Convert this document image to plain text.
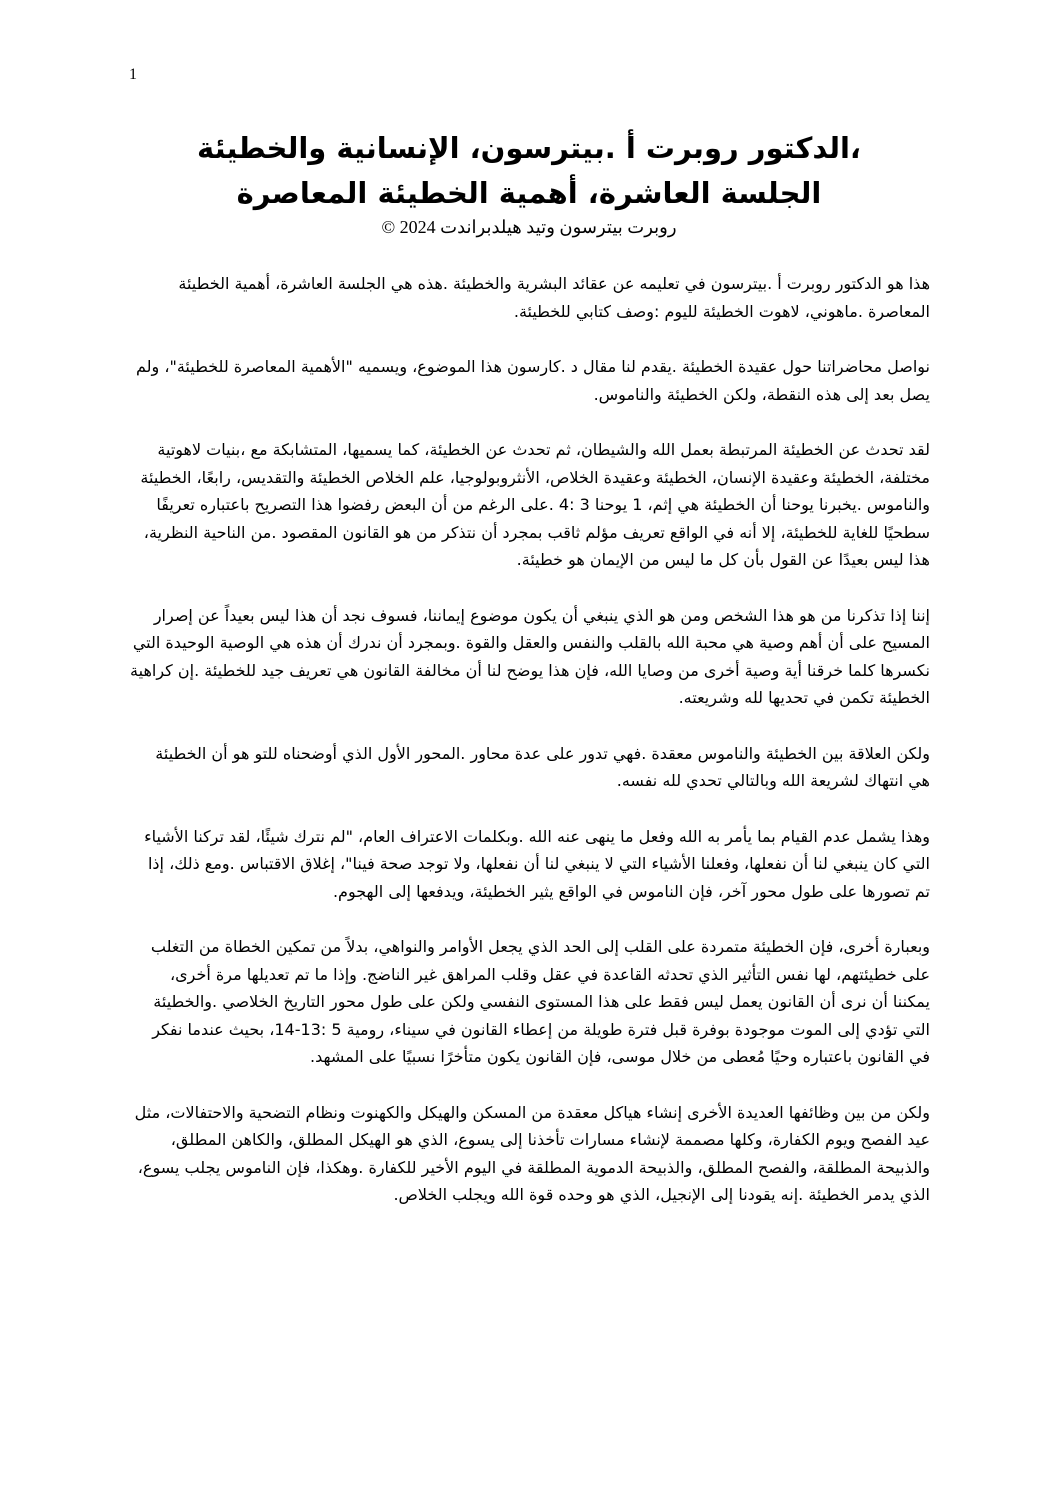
1
،الدكتور روبرت أ .بيترسون، الإنسانية والخطيئة
الجلسة العاشرة، أهمية الخطيئة المعاصرة
روبرت بيترسون وتيد هيلدبراندت 2024 ©

هذا هو الدكتور روبرت أ .بيترسون في تعليمه عن عقائد البشرية والخطيئة .هذه هي الجلسة العاشرة، أهمية الخطيئة المعاصرة .ماهوني، لاهوت الخطيئة لليوم :وصف كتابي للخطيئة.

نواصل محاضراتنا حول عقيدة الخطيئة .يقدم لنا مقال د .كارسون هذا الموضوع، ويسميه "الأهمية المعاصرة للخطيئة"، ولم يصل بعد إلى هذه النقطة، ولكن الخطيئة والناموس.

لقد تحدث عن الخطيئة المرتبطة بعمل الله والشيطان، ثم تحدث عن الخطيئة، كما يسميها، المتشابكة مع ،بنيات لاهوتية مختلفة، الخطيئة وعقيدة الإنسان، الخطيئة وعقيدة الخلاص، الأنثروبولوجيا، علم الخلاص الخطيئة والتقديس، رابعًا، الخطيئة والناموس .يخبرنا يوحنا أن الخطيئة هي إثم، 1 يوحنا 3 :4 .على الرغم من أن البعض رفضوا هذا التصريح باعتباره تعريفًا سطحيًا للغاية للخطيئة، إلا أنه في الواقع تعريف مؤلم ثاقب بمجرد أن نتذكر من هو القانون المقصود .من الناحية النظرية، هذا ليس بعيدًا عن القول بأن كل ما ليس من الإيمان هو خطيئة.

إننا إذا تذكرنا من هو هذا الشخص ومن هو الذي ينبغي أن يكون موضوع إيماننا، فسوف نجد أن هذا ليس بعيداً عن إصرار المسيح على أن أهم وصية هي محبة الله بالقلب والنفس والعقل والقوة .وبمجرد أن ندرك أن هذه هي الوصية الوحيدة التي نكسرها كلما خرقنا أية وصية أخرى من وصايا الله، فإن هذا يوضح لنا أن مخالفة القانون هي تعريف جيد للخطيئة .إن كراهية الخطيئة تكمن في تحديها لله وشريعته.

ولكن العلاقة بين الخطيئة والناموس معقدة .فهي تدور على عدة محاور .المحور الأول الذي أوضحناه للتو هو أن الخطيئة هي انتهاك لشريعة الله وبالتالي تحدي لله نفسه.

وهذا يشمل عدم القيام بما يأمر به الله وفعل ما ينهى عنه الله .وبكلمات الاعتراف العام، "لم نترك شيئًا، لقد تركنا الأشياء التي كان ينبغي لنا أن نفعلها، وفعلنا الأشياء التي لا ينبغي لنا أن نفعلها، ولا توجد صحة فينا"، إغلاق الاقتباس .ومع ذلك، إذا تم تصورها على طول محور آخر، فإن الناموس في الواقع يثير الخطيئة، ويدفعها إلى الهجوم.

وبعبارة أخرى، فإن الخطيئة متمردة على القلب إلى الحد الذي يجعل الأوامر والنواهي، بدلاً من تمكين الخطاة من التغلب على خطيئتهم، لها نفس التأثير الذي تحدثه القاعدة في عقل وقلب المراهق غير الناضج. وإذا ما تم تعديلها مرة أخرى، يمكننا أن نرى أن القانون يعمل ليس فقط على هذا المستوى النفسي ولكن على طول محور التاريخ الخلاصي .والخطيئة التي تؤدي إلى الموت موجودة بوفرة قبل فترة طويلة من إعطاء القانون في سيناء، رومية 5 :13-14، بحيث عندما نفكر في القانون باعتباره وحيًا مُعطى من خلال موسى، فإن القانون يكون متأخرًا نسبيًا على المشهد.

ولكن من بين وظائفها العديدة الأخرى إنشاء هياكل معقدة من المسكن والهيكل والكهنوت ونظام التضحية والاحتفالات، مثل عيد الفصح ويوم الكفارة، وكلها مصممة لإنشاء مسارات تأخذنا إلى يسوع، الذي هو الهيكل المطلق، والكاهن المطلق، والذبيحة المطلقة، والفصح المطلق، والذبيحة الدموية المطلقة في اليوم الأخير للكفارة .وهكذا، فإن الناموس يجلب يسوع، الذي يدمر الخطيئة .إنه يقودنا إلى الإنجيل، الذي هو وحده قوة الله ويجلب الخلاص.
